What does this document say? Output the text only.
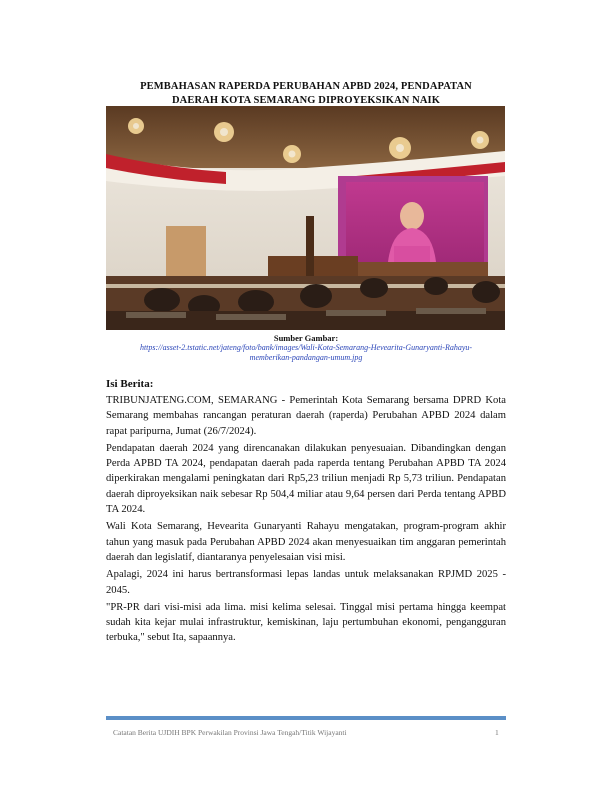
PEMBAHASAN RAPERDA PERUBAHAN APBD 2024, PENDAPATAN
DAERAH KOTA SEMARANG DIPROYEKSIKAN NAIK
Sumber Gambar:
https://asset-2.tstatic.net/jateng/foto/bank/images/Wali-Kota-Semarang-Hevearita-Gunaryanti-Rahayu-
memberikan-pandangan-umum.jpg
Isi Berita:

TRIBUNJATENG.COM, SEMARANG - Pemerintah Kota Semarang bersama DPRD Kota Semarang membahas rancangan peraturan daerah (raperda) Perubahan APBD 2024 dalam rapat paripurna, Jumat (26/7/2024).

Pendapatan daerah 2024 yang direncanakan dilakukan penyesuaian. Dibandingkan dengan Perda APBD TA 2024, pendapatan daerah pada raperda tentang Perubahan APBD TA 2024 diperkirakan mengalami peningkatan dari Rp5,23 triliun menjadi Rp 5,73 triliun. Pendapatan daerah diproyeksikan naik sebesar Rp 504,4 miliar atau 9,64 persen dari Perda tentang APBD TA 2024.

Wali Kota Semarang, Hevearita Gunaryanti Rahayu mengatakan, program-program akhir tahun yang masuk pada Perubahan APBD 2024 akan menyesuaikan tim anggaran pemerintah daerah dan legislatif, diantaranya penyelesaian visi misi.

Apalagi, 2024 ini harus bertransformasi lepas landas untuk melaksanakan RPJMD 2025 - 2045.

"PR-PR dari visi-misi ada lima. misi kelima selesai. Tinggal misi pertama hingga keempat sudah kita kejar mulai infrastruktur, kemiskinan, laju pertumbuhan ekonomi, pengangguran terbuka," sebut Ita, sapaannya.

Catatan Berita UJDIH BPK Perwakilan Provinsi Jawa Tengah/Titik Wijayanti	1
